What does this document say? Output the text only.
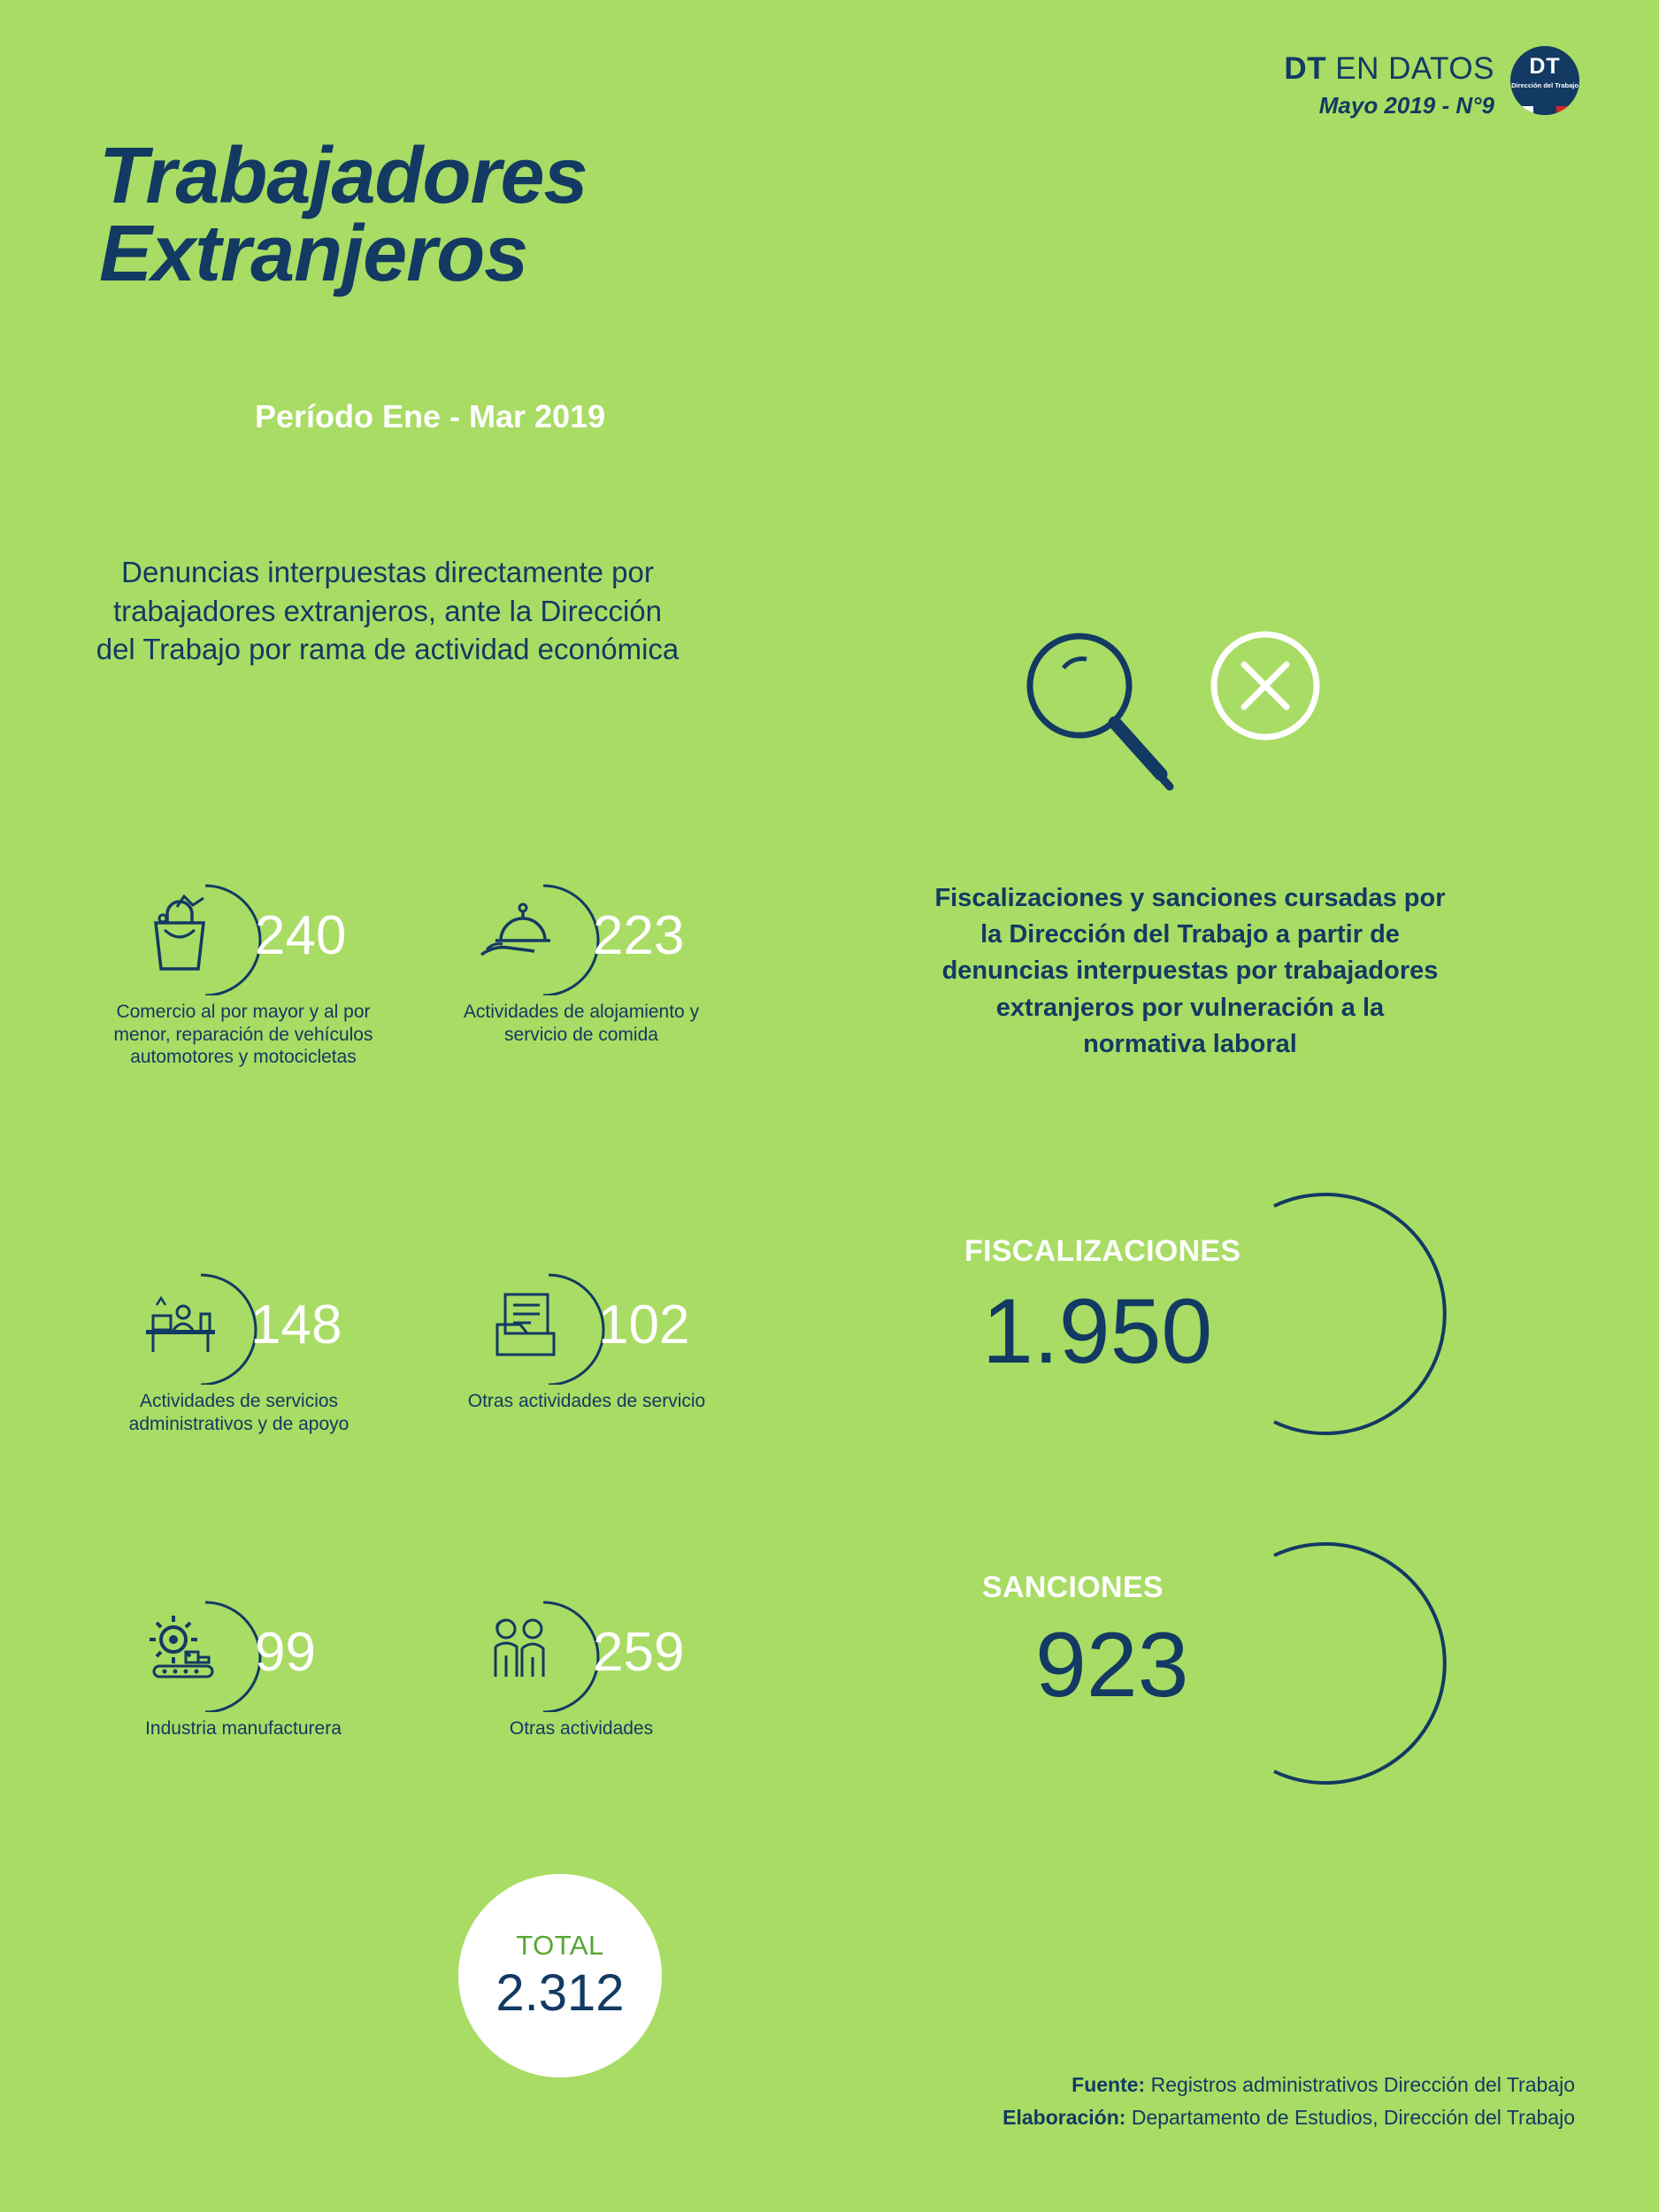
DT EN DATOS
Mayo 2019 - N°9
DT
Dirección del Trabajo
Trabajadores
Extranjeros
Período Ene - Mar 2019
Denuncias interpuestas directamente por trabajadores extranjeros, ante la Dirección del Trabajo por rama de actividad económica
240
Comercio al por mayor y al por menor, reparación de vehículos automotores y motocicletas
223
Actividades de alojamiento y servicio de comida
148
Actividades de servicios administrativos y de apoyo
102
Otras actividades de servicio
99
Industria manufacturera
259
Otras actividades
TOTAL
2.312
Fiscalizaciones y sanciones cursadas por la Dirección del Trabajo a partir de denuncias interpuestas por trabajadores extranjeros por vulneración a la normativa laboral
FISCALIZACIONES
1.950
SANCIONES
923
Fuente: Registros administrativos Dirección del Trabajo
Elaboración: Departamento de Estudios, Dirección del Trabajo
